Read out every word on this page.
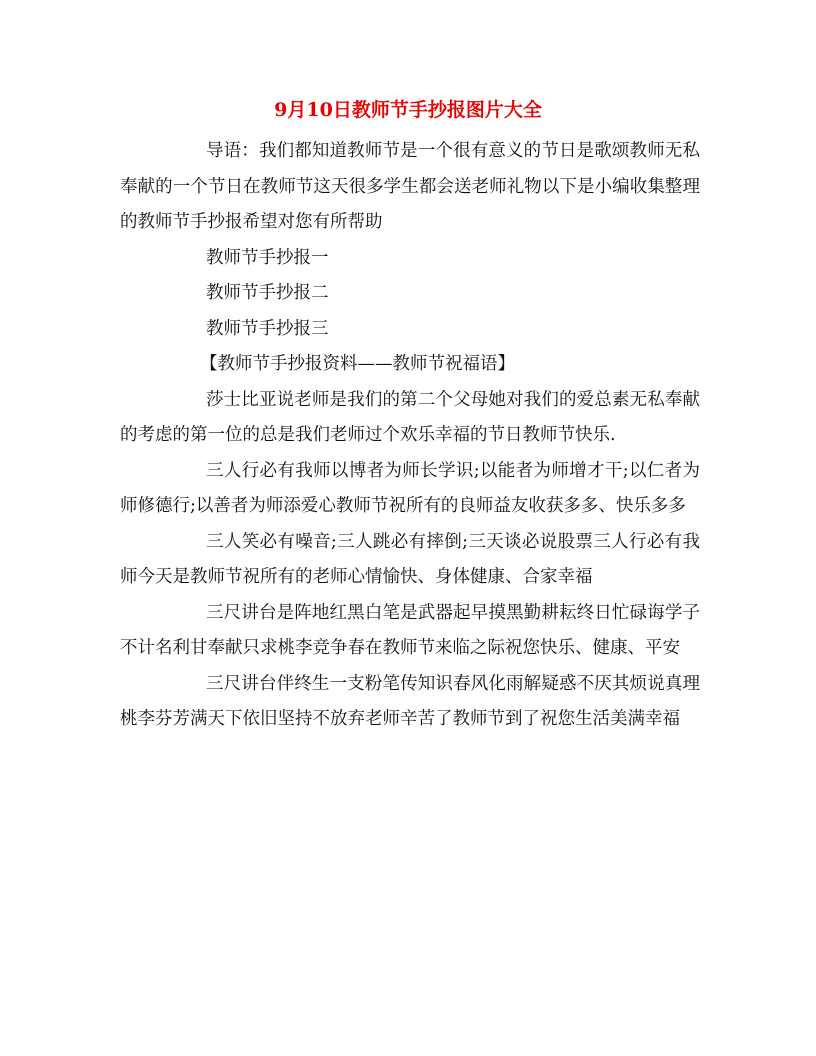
9月10日教师节手抄报图片大全

导语：我们都知道教师节是一个很有意义的节日是歌颂教师无私奉献的一个节日在教师节这天很多学生都会送老师礼物以下是小编收集整理的教师节手抄报希望对您有所帮助

教师节手抄报一

教师节手抄报二

教师节手抄报三

【教师节手抄报资料——教师节祝福语】

莎士比亚说老师是我们的第二个父母她对我们的爱总素无私奉献的考虑的第一位的总是我们老师过个欢乐幸福的节日教师节快乐.

三人行必有我师以博者为师长学识;以能者为师增才干;以仁者为师修德行;以善者为师添爱心教师节祝所有的良师益友收获多多、快乐多多

三人笑必有噪音;三人跳必有摔倒;三天谈必说股票三人行必有我师今天是教师节祝所有的老师心情愉快、身体健康、合家幸福

三尺讲台是阵地红黑白笔是武器起早摸黑勤耕耘终日忙碌诲学子不计名利甘奉献只求桃李竞争春在教师节来临之际祝您快乐、健康、平安

三尺讲台伴终生一支粉笔传知识春风化雨解疑惑不厌其烦说真理桃李芬芳满天下依旧坚持不放弃老师辛苦了教师节到了祝您生活美满幸福
